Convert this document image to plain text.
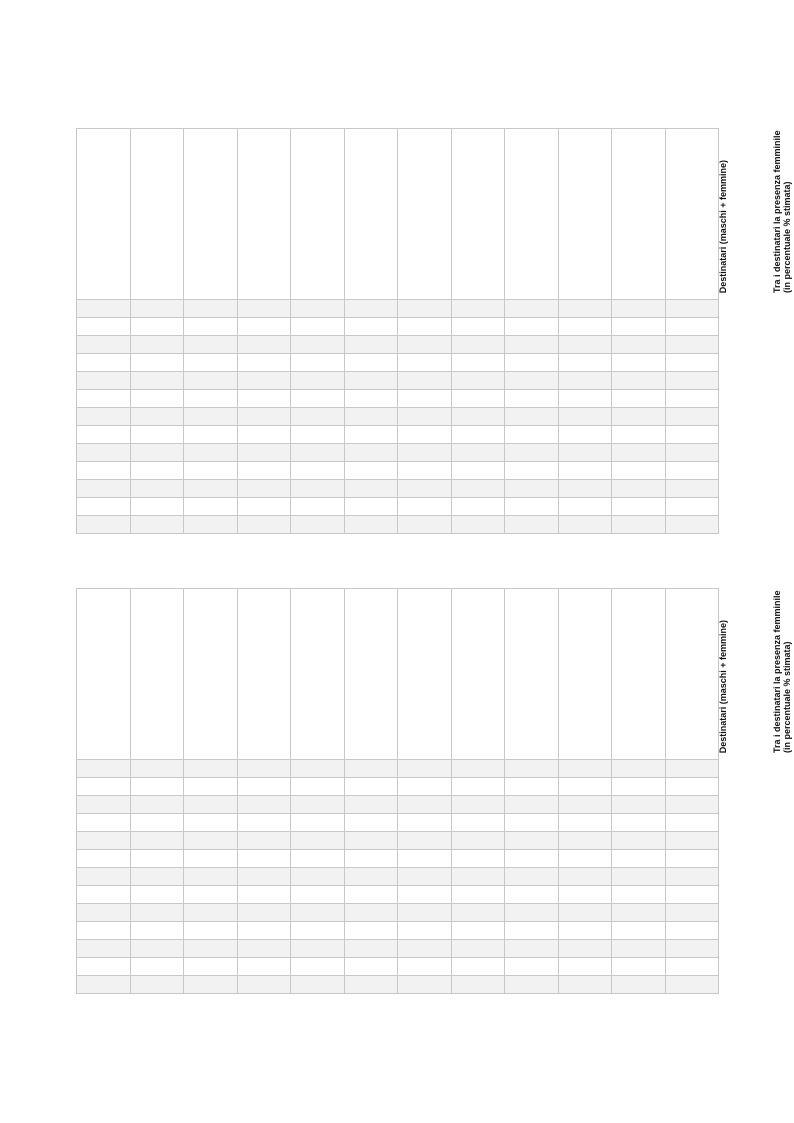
Destinatari (maschi + femmine)	Tra i destinatari la presenza femminile (in percentuale % stimata)

Destinatari (maschi + femmine)	Tra i destinatari la presenza femminile (in percentuale % stimata)
